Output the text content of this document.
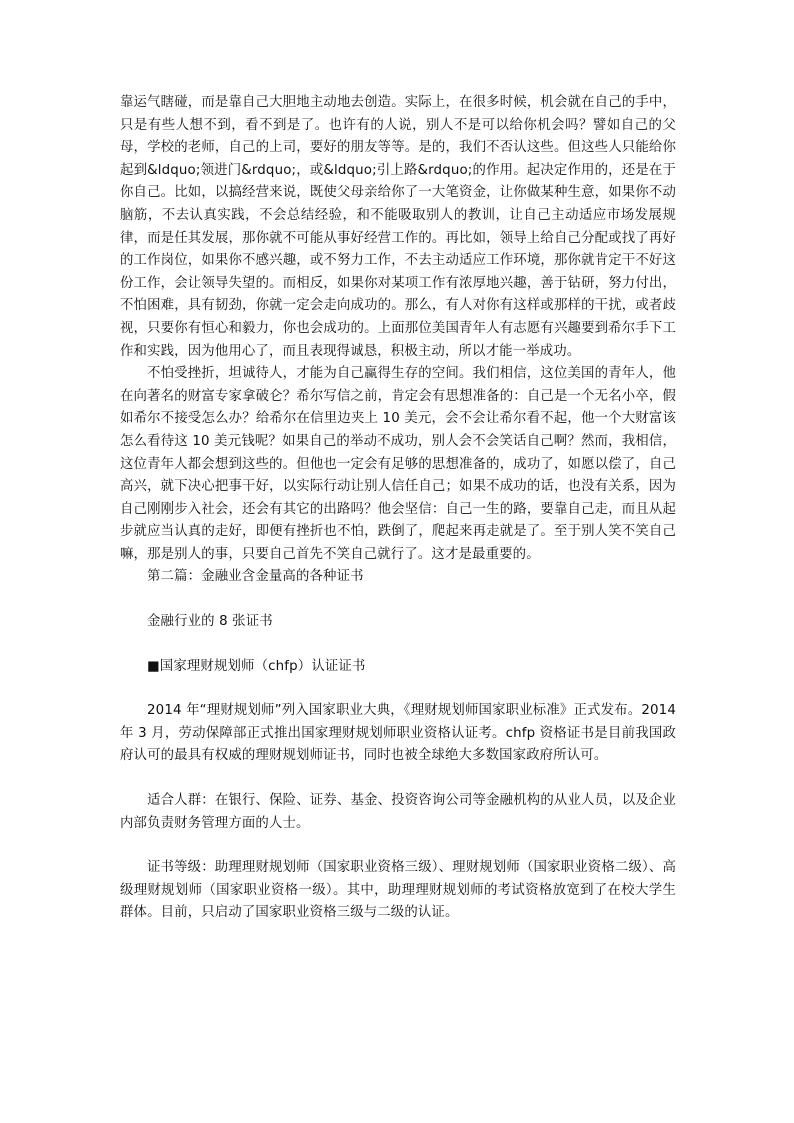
靠运气瞎碰，而是靠自己大胆地主动地去创造。实际上，在很多时候，机会就在自己的手中，只是有些人想不到，看不到是了。也许有的人说，别人不是可以给你机会吗？譬如自己的父母，学校的老师，自己的上司，要好的朋友等等。是的，我们不否认这些。但这些人只能给你起到&ldquo;领进门&rdquo;，或&ldquo;引上路&rdquo;的作用。起决定作用的，还是在于你自己。比如，以搞经营来说，既使父母亲给你了一大笔资金，让你做某种生意，如果你不动脑筋，不去认真实践，不会总结经验，和不能吸取别人的教训，让自己主动适应市场发展规律，而是任其发展，那你就不可能从事好经营工作的。再比如，领导上给自己分配或找了再好的工作岗位，如果你不感兴趣，或不努力工作，不去主动适应工作环境，那你就肯定干不好这份工作，会让领导失望的。而相反，如果你对某项工作有浓厚地兴趣，善于钻研，努力付出，不怕困难，具有韧劲，你就一定会走向成功的。那么，有人对你有这样或那样的干扰，或者歧视，只要你有恒心和毅力，你也会成功的。上面那位美国青年人有志愿有兴趣要到希尔手下工作和实践，因为他用心了，而且表现得诚恳，积极主动，所以才能一举成功。

不怕受挫折，坦诚待人，才能为自己赢得生存的空间。我们相信，这位美国的青年人，他在向著名的财富专家拿破仑？希尔写信之前，肯定会有思想准备的：自己是一个无名小卒，假如希尔不接受怎么办？给希尔在信里边夹上 10 美元，会不会让希尔看不起，他一个大财富该怎么看待这 10 美元钱呢？如果自己的举动不成功，别人会不会笑话自己啊？然而，我相信，这位青年人都会想到这些的。但他也一定会有足够的思想准备的，成功了，如愿以偿了，自己高兴，就下决心把事干好，以实际行动让别人信任自己；如果不成功的话，也没有关系，因为自己刚刚步入社会，还会有其它的出路吗？他会坚信：自己一生的路，要靠自己走，而且从起步就应当认真的走好，即便有挫折也不怕，跌倒了，爬起来再走就是了。至于别人笑不笑自己嘛，那是别人的事，只要自己首先不笑自己就行了。这才是最重要的。

第二篇：金融业含金量高的各种证书

金融行业的 8 张证书

■国家理财规划师（chfp）认证证书

2014 年“理财规划师”列入国家职业大典，《理财规划师国家职业标准》正式发布。2014 年 3 月，劳动保障部正式推出国家理财规划师职业资格认证考。chfp 资格证书是目前我国政府认可的最具有权威的理财规划师证书，同时也被全球绝大多数国家政府所认可。

适合人群：在银行、保险、证券、基金、投资咨询公司等金融机构的从业人员，以及企业内部负责财务管理方面的人士。

证书等级：助理理财规划师（国家职业资格三级）、理财规划师（国家职业资格二级）、高级理财规划师（国家职业资格一级）。其中，助理理财规划师的考试资格放宽到了在校大学生群体。目前，只启动了国家职业资格三级与二级的认证。
